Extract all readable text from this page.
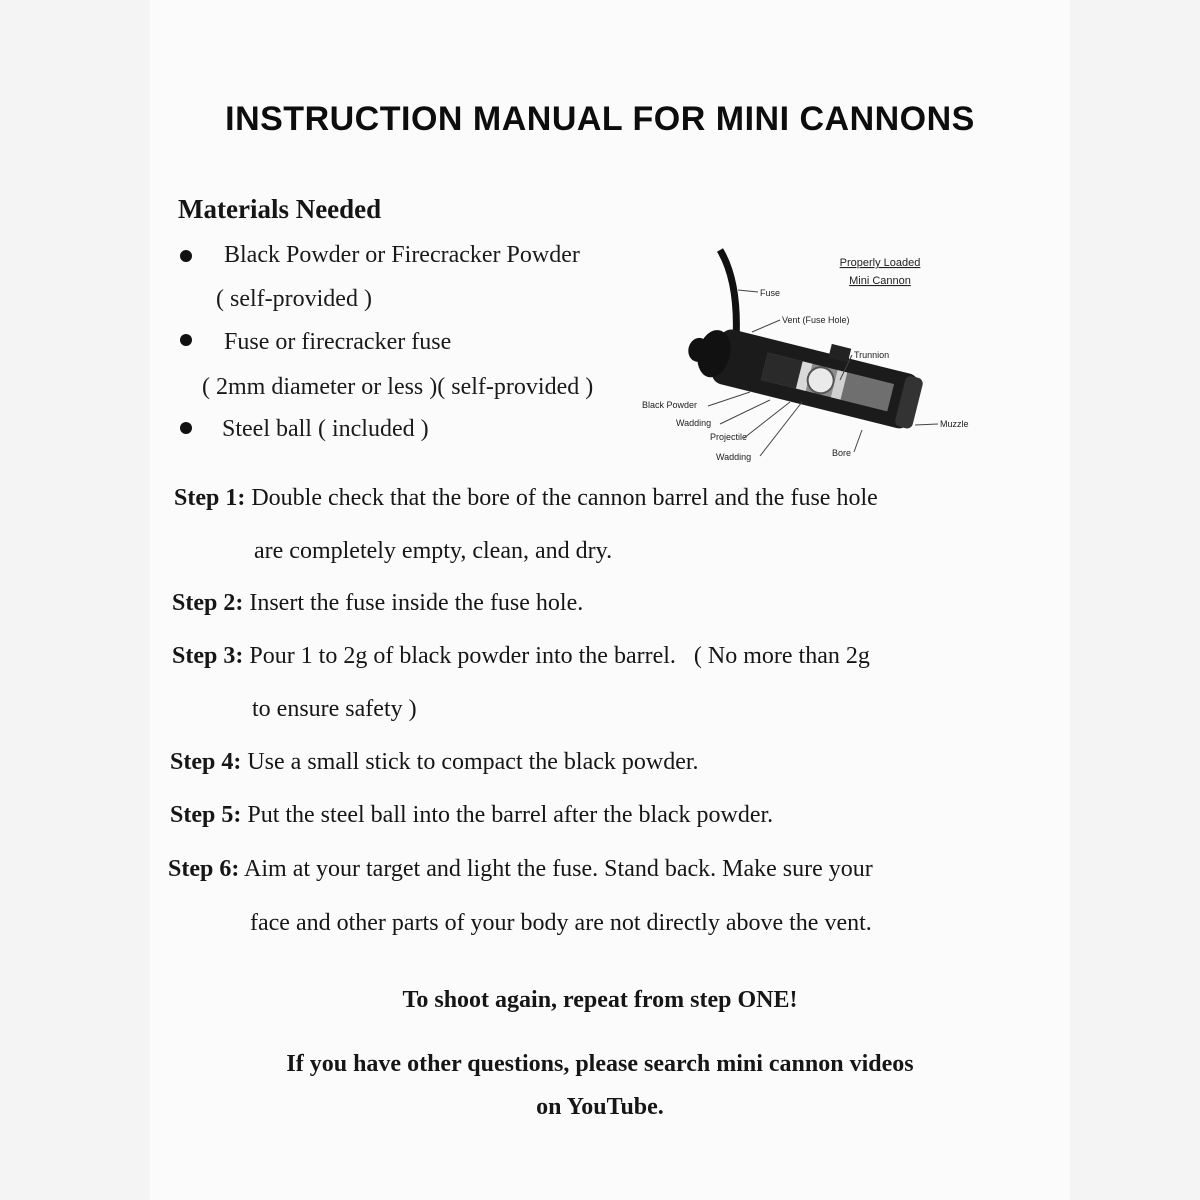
INSTRUCTION MANUAL FOR MINI CANNONS
Materials Needed
Black Powder or Firecracker Powder
( self-provided )
Fuse or firecracker fuse
( 2mm diameter or less )( self-provided )
Steel ball ( included )
Properly Loaded
Mini Cannon
Fuse
Vent (Fuse Hole)
Trunnion
Muzzle
Black Powder
Wadding
Projectile
Wadding	Bore
Step 1: Double check that the bore of the cannon barrel and the fuse hole
are completely empty, clean, and dry.
Step 2: Insert the fuse inside the fuse hole.
Step 3: Pour 1 to 2g of black powder into the barrel.   ( No more than 2g
to ensure safety )
Step 4: Use a small stick to compact the black powder.
Step 5: Put the steel ball into the barrel after the black powder.
Step 6: Aim at your target and light the fuse. Stand back. Make sure your
face and other parts of your body are not directly above the vent.
To shoot again, repeat from step ONE!
If you have other questions, please search mini cannon videos
on YouTube.
